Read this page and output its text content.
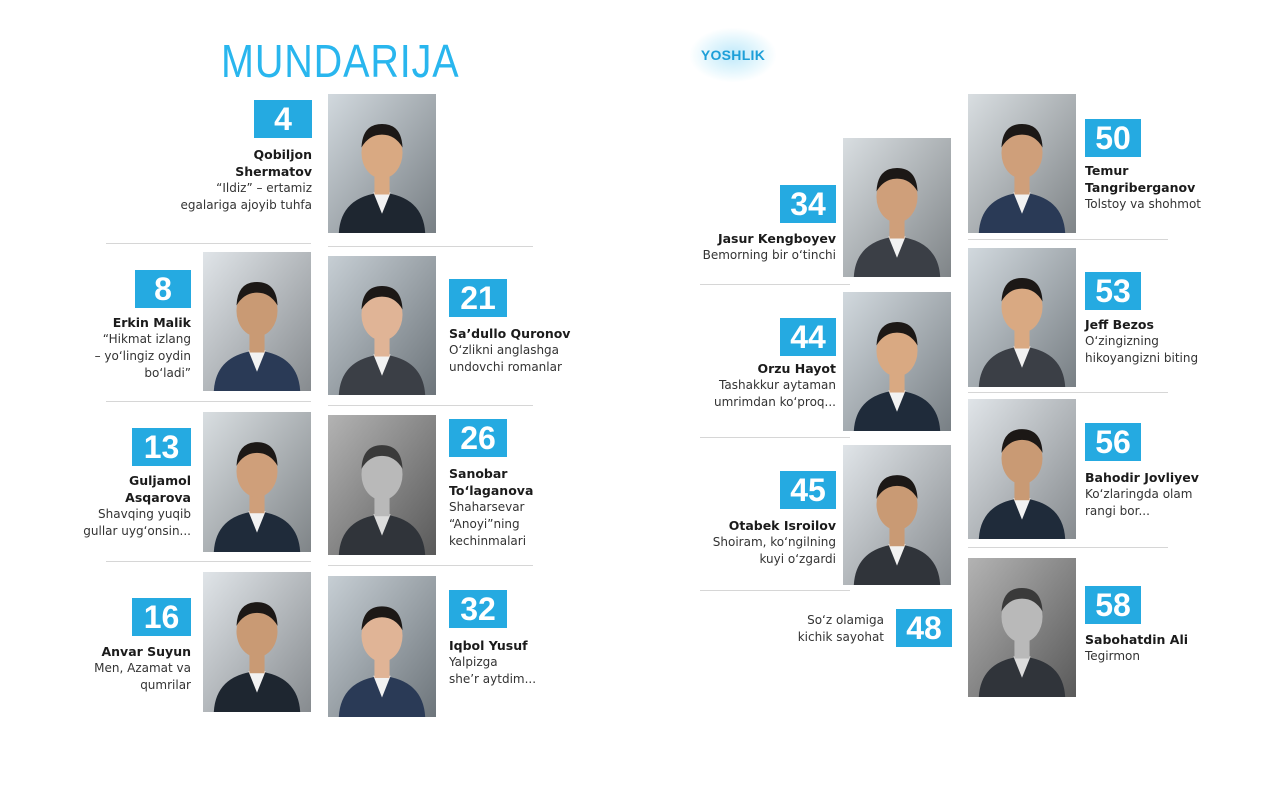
MUNDARIJA	YOSHLIK
4
Qobiljon
Shermatov
“Ildiz” – ertamiz
egalariga ajoyib tuhfa
8
Erkin Malik
“Hikmat izlang
– yo‘lingiz oydin
bo‘ladi”
21
Sa’dullo Quronov
O‘zlikni anglashga
undovchi romanlar
13
Guljamol
Asqarova
Shavqing yuqib
gullar uyg‘onsin...
26
Sanobar
To‘laganova
Shaharsevar
“Anoyi”ning
kechinmalari
16
Anvar Suyun
Men, Azamat va
qumrilar
32
Iqbol Yusuf
Yalpizga
she’r aytdim...
34
Jasur Kengboyev
Bemorning bir o‘tinchi
44
Orzu Hayot
Tashakkur aytaman
umrimdan ko‘proq...
45
Otabek Isroilov
Shoiram, ko‘ngilning
kuyi o‘zgardi
48
So‘z olamiga
kichik sayohat
50
Temur
Tangriberganov
Tolstoy va shohmot
53
Jeff Bezos
O‘zingizning
hikoyangizni biting
56
Bahodir Jovliyev
Ko‘zlaringda olam
rangi bor...
58
Sabohatdin Ali
Tegirmon
